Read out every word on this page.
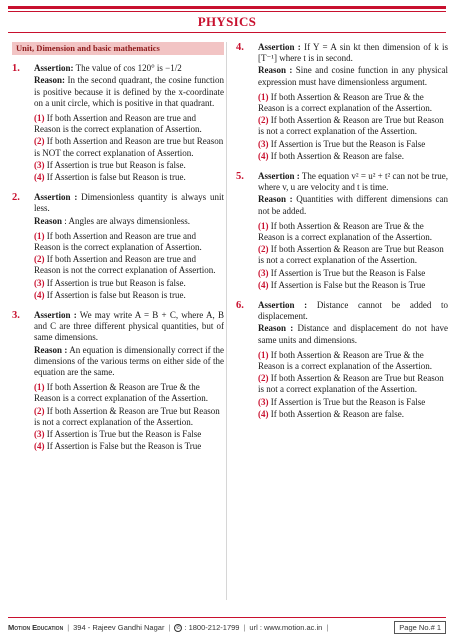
PHYSICS
Unit, Dimension and basic mathematics
1. Assertion: The value of cos 120° is −1/2

Reason: In the second quadrant, the cosine function is positive because it is defined by the x-coordinate on a unit circle, which is positive in that quadrant.

(1) If both Assertion and Reason are true and Reason is the correct explanation of Assertion.
(2) If both Assertion and Reason are true but Reason is NOT the correct explanation of Assertion.
(3) If Assertion is true but Reason is false.
(4) If Assertion is false but Reason is true.
2. Assertion : Dimensionless quantity is always unit less.

Reason : Angles are always dimensionless.

(1) If both Assertion and Reason are true and Reason is the correct explanation of Assertion.
(2) If both Assertion and Reason are true and Reason is not the correct explanation of Assertion.
(3) If Assertion is true but Reason is false.
(4) If Assertion is false but Reason is true.
3. Assertion : We may write A = B + C, where A, B and C are three different physical quantities, but of same dimensions.

Reason : An equation is dimensionally correct if the dimensions of the various terms on either side of the equation are the same.

(1) If both Assertion & Reason are True & the Reason is a correct explanation of the Assertion.
(2) If both Assertion & Reason are True but Reason is not a correct explanation of the Assertion.
(3) If Assertion is True but the Reason is False
(4) If Assertion is False but the Reason is True
4. Assertion : If Y = A sin kt then dimension of k is [T⁻¹] where t is in second.

Reason : Sine and cosine function in any physical expression must have dimensionless argument.

(1) If both Assertion & Reason are True & the Reason is a correct explanation of the Assertion.
(2) If both Assertion & Reason are True but Reason is not a correct explanation of the Assertion.
(3) If Assertion is True but the Reason is False
(4) If both Assertion & Reason are false.
5. Assertion : The equation v² = u² + t² can not be true, where v, u are velocity and t is time.

Reason : Quantities with different dimensions can not be added.

(1) If both Assertion & Reason are True & the Reason is a correct explanation of the Assertion.
(2) If both Assertion & Reason are True but Reason is not a correct explanation of the Assertion.
(3) If Assertion is True but the Reason is False
(4) If Assertion is False but the Reason is True
6. Assertion : Distance cannot be added to displacement.

Reason : Distance and displacement do not have same units and dimensions.

(1) If both Assertion & Reason are True & the Reason is a correct explanation of the Assertion.
(2) If both Assertion & Reason are True but Reason is not a correct explanation of the Assertion.
(3) If Assertion is True but the Reason is False
(4) If both Assertion & Reason are false.
Motion Education | 394 - Rajeev Gandhi Nagar |	✆ : 1800-212-1799 | url : www.motion.ac.in |	Page No.# 1
